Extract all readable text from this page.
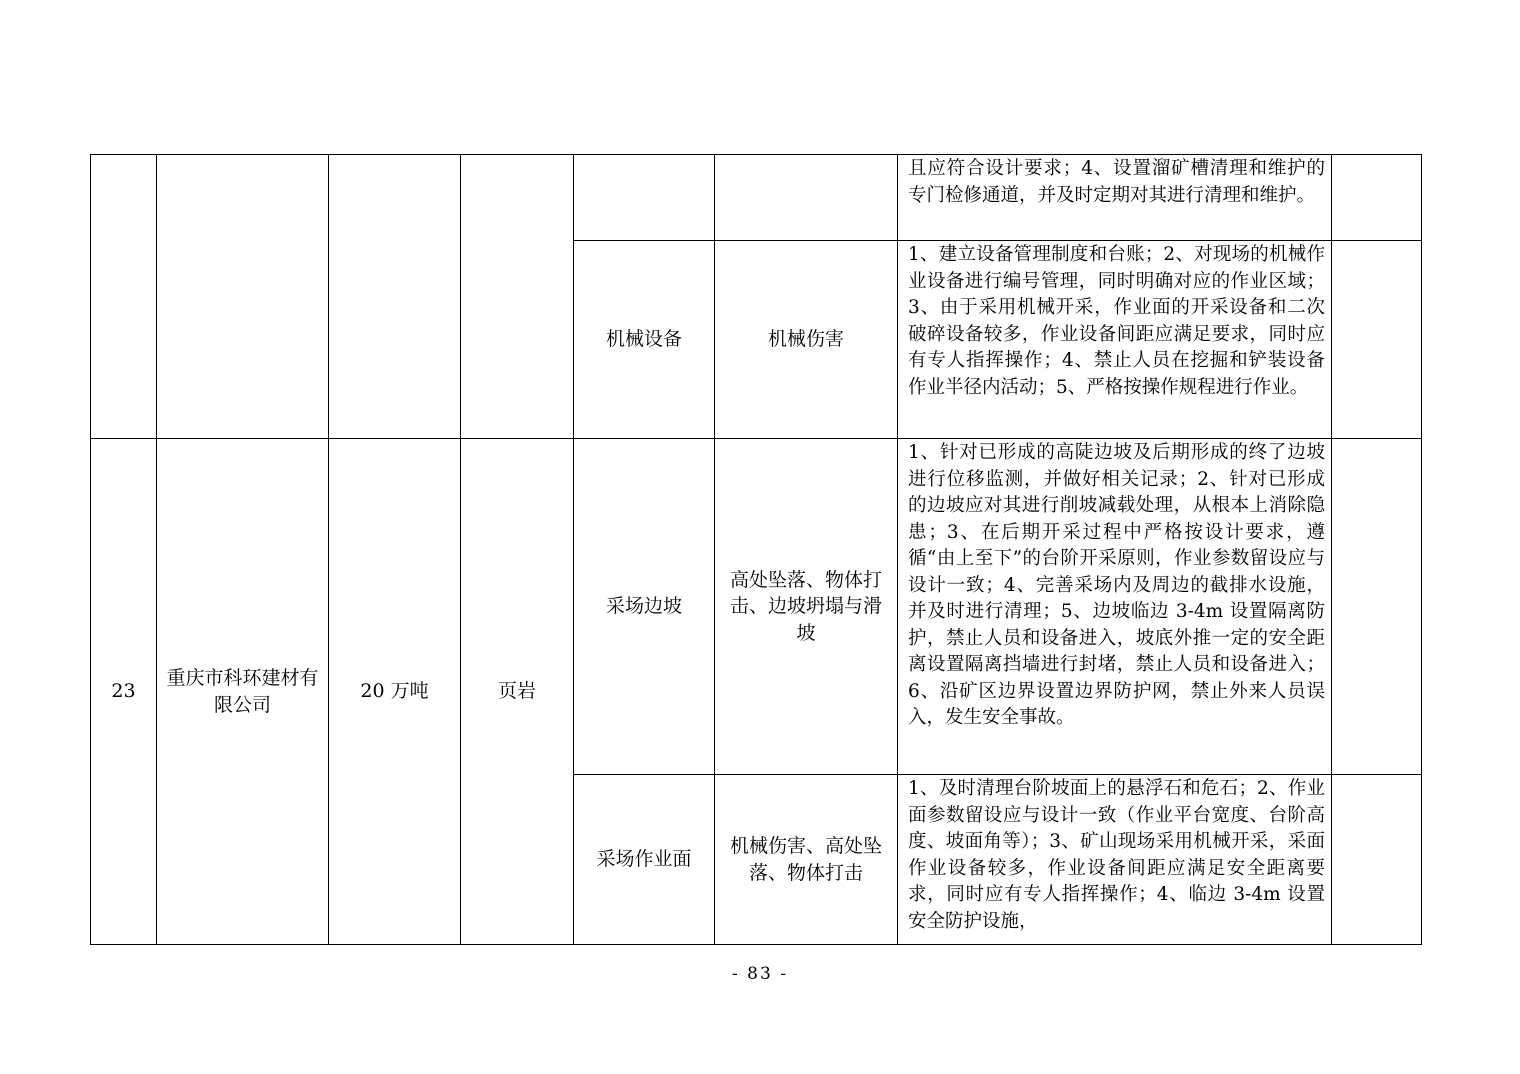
						且应符合设计要求；4、设置溜矿槽清理和维护的专门检修通道，并及时定期对其进行清理和维护。	
				机械设备	机械伤害	1、建立设备管理制度和台账；2、对现场的机械作业设备进行编号管理，同时明确对应的作业区域；3、由于采用机械开采，作业面的开采设备和二次破碎设备较多，作业设备间距应满足要求，同时应有专人指挥操作；4、禁止人员在挖掘和铲装设备作业半径内活动；5、严格按操作规程进行作业。	
23	重庆市科环建材有限公司	20 万吨	页岩	采场边坡	高处坠落、物体打击、边坡坍塌与滑坡	1、针对已形成的高陡边坡及后期形成的终了边坡进行位移监测，并做好相关记录；2、针对已形成的边坡应对其进行削坡减载处理，从根本上消除隐患；3、在后期开采过程中严格按设计要求，遵循“由上至下”的台阶开采原则，作业参数留设应与设计一致；4、完善采场内及周边的截排水设施，并及时进行清理；5、边坡临边 3-4m 设置隔离防护，禁止人员和设备进入，坡底外推一定的安全距离设置隔离挡墙进行封堵，禁止人员和设备进入；6、沿矿区边界设置边界防护网，禁止外来人员误入，发生安全事故。	
				采场作业面	机械伤害、高处坠落、物体打击	1、及时清理台阶坡面上的悬浮石和危石；2、作业面参数留设应与设计一致（作业平台宽度、台阶高度、坡面角等）；3、矿山现场采用机械开采，采面作业设备较多，作业设备间距应满足安全距离要求，同时应有专人指挥操作；4、临边 3-4m 设置安全防护设施，	
- 83 -
